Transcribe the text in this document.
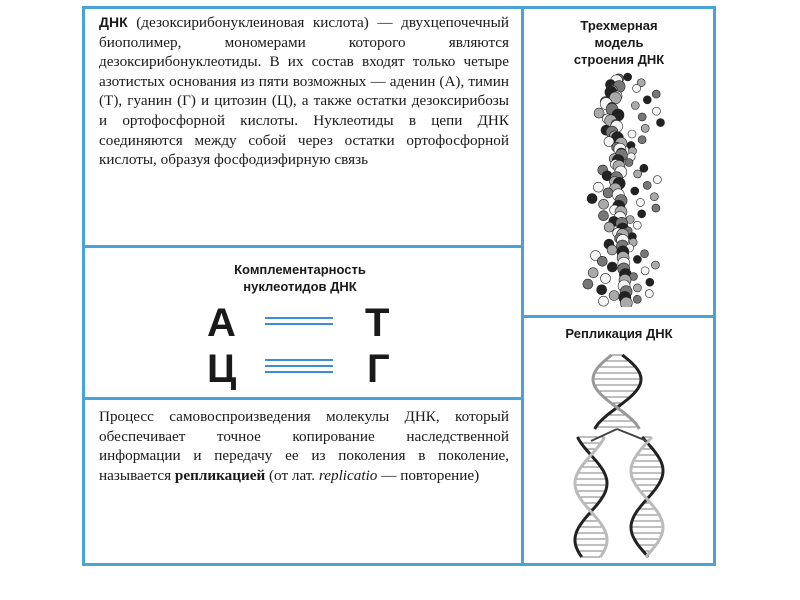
ДНК (дезоксирибонуклеиновая кислота) — двухцепочечный биополимер, мономерами которого являются дезоксирибонуклеотиды. В их состав входят только четыре азотистых основания из пяти возможных — аденин (А), тимин (Т), гуанин (Г) и цитозин (Ц), а также остатки дезоксирибозы и ортофосфорной кислоты. Нуклеотиды в цепи ДНК соединяются между собой через остатки ортофосфорной кислоты, образуя фосфодиэфирную связь
Комплементарность
нуклеотидов ДНК
А	Т
Ц	Г
Процесс самовоспроизведения молекулы ДНК, который обеспечивает точное копирование наследственной информации и передачу ее из поколения в поколение, называется репликацией (от лат. replicatio — повторение)
Трехмерная
модель
строения ДНК
Репликация ДНК
